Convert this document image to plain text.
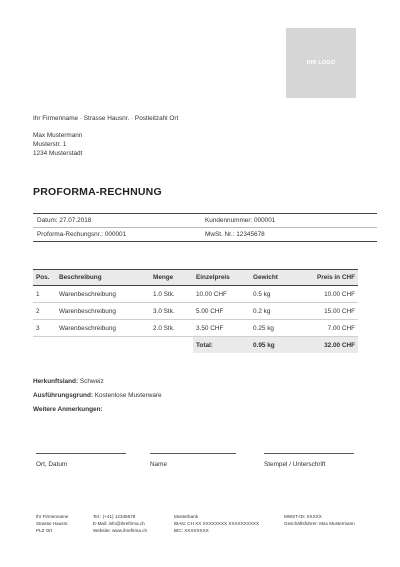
IHR LOGO
Ihr Firmenname · Strasse Hausnr. · Postleitzahl Ort
Max Mustermann
Musterstr. 1
1234 Musterstadt
PROFORMA-RECHNUNG
Datum: 27.07.2018	Kundennummer: 000001
Proforma-Rechungsnr.: 000001	MwSt. Nr.: 12345678
Pos.	Beschreibung	Menge	Einzelpreis	Gewicht	Preis in CHF
1	Warenbeschreibung	1.0 Stk.	10.00 CHF	0.5 kg	10.00 CHF
2	Warenbeschreibung	3.0 Stk.	5.00 CHF	0.2 kg	15.00 CHF
3	Warenbeschreibung	2.0 Stk.	3.50 CHF	0.25 kg	7.00 CHF
			Total:	0.95 kg	32.00 CHF
Herkunftsland: Schweiz
Ausführungsgrund: Kostenlose Musterware
Weitere Anmerkungen:
Ort, Datum	Name	Stempel / Unterschrift
Ihr Firmenname
Strasse Hausnr.
PLZ Ort
Tel.: (+41) 12345678
E-Mail: info@ihrefirma.ch
Website: www.ihrefirma.ch
Musterbank
IBAN: CH XX XXXXXXXX XXXXXXXXXX
BIC: XXXXXXXX
MWST-ID: XXXXX
Geschäftsführer: Max Mustermann
